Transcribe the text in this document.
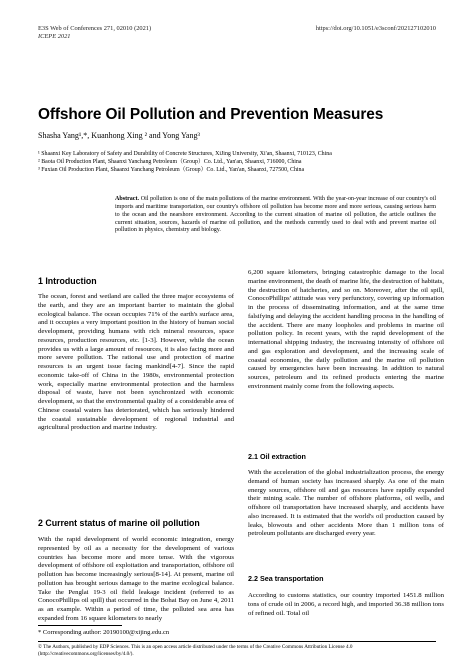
E3S Web of Conferences 271, 02010 (2021)
ICEPE 2021
https://doi.org/10.1051/e3sconf/202127102010
Offshore Oil Pollution and Prevention Measures
Shasha Yang¹,*, Kuanhong Xing ² and Yong Yang³
¹ Shaanxi Key Laboratory of Safety and Durability of Concrete Structures, XiJing University, Xi'an, Shaanxi, 710123, China
² Baota Oil Production Plant, Shaanxi Yanchang Petroleum（Group）Co. Ltd., Yan'an, Shaanxi, 716000, China
³ Fuxian Oil Production Plant, Shaanxi Yanchang Petroleum（Group）Co. Ltd., Yan'an, Shaanxi, 727500, China
Abstract. Oil pollution is one of the main pollutions of the marine environment. With the year-on-year increase of our country's oil imports and maritime transportation, our country's offshore oil pollution has become more and more serious, causing serious harm to the ocean and the nearshore environment. According to the current situation of marine oil pollution, the article outlines the current situation, sources, hazards of marine oil pollution, and the methods currently used to deal with and prevent marine oil pollution in physics, chemistry and biology.
1 Introduction
The ocean, forest and wetland are called the three major ecosystems of the earth, and they are an important barrier to maintain the global ecological balance. The ocean occupies 71% of the earth's surface area, and it occupies a very important position in the history of human social development, providing humans with rich mineral resources, space resources, production resources, etc. [1-3]. However, while the ocean provides us with a large amount of resources, it is also facing more and more severe pollution. The rational use and protection of marine resources is an urgent issue facing mankind[4-7]. Since the rapid economic take-off of China in the 1980s, environmental protection work, especially marine environmental protection and the harmless disposal of waste, have not been synchronized with economic development, so that the environmental quality of a considerable area of Chinese coastal waters has deteriorated, which has seriously hindered the coastal sustainable development of regional industrial and agricultural production and marine industry.
2 Current status of marine oil pollution
With the rapid development of world economic integration, energy represented by oil as a necessity for the development of various countries has become more and more tense. With the vigorous development of offshore oil exploitation and transportation, offshore oil pollution has become increasingly serious[8-14]. At present, marine oil pollution has brought serious damage to the marine ecological balance. Take the Penglai 19-3 oil field leakage incident (referred to as ConocoPhillips oil spill) that occurred in the Bohai Bay on June 4, 2011 as an example. Within a period of time, the polluted sea area has expanded from 16 square kilometers to nearly
6,200 square kilometers, bringing catastrophic damage to the local marine environment, the death of marine life, the destruction of habitats, the destruction of hatcheries, and so on. Moreover, after the oil spill, ConocoPhillips' attitude was very perfunctory, covering up information in the process of disseminating information, and at the same time falsifying and delaying the accident handling process in the handling of the accident. There are many loopholes and problems in marine oil pollution policy. In recent years, with the rapid development of the international shipping industry, the increasing intensity of offshore oil and gas exploration and development, and the increasing scale of coastal economies, the daily pollution and the marine oil pollution caused by emergencies have been increasing. In addition to natural sources, petroleum and its refined products entering the marine environment mainly come from the following aspects.
2.1 Oil extraction
With the acceleration of the global industrialization process, the energy demand of human society has increased sharply. As one of the main energy sources, offshore oil and gas resources have rapidly expanded their mining scale. The number of offshore platforms, oil wells, and offshore oil transportation have increased sharply, and accidents have also increased. It is estimated that the world's oil production caused by leaks, blowouts and other accidents More than 1 million tons of petroleum pollutants are discharged every year.
2.2 Sea transportation
According to customs statistics, our country imported 1451.8 million tons of crude oil in 2006, a record high, and imported 36.38 million tons of refined oil. Total oil
* Corresponding author: 20190100@xijing.edu.cn
© The Authors, published by EDP Sciences. This is an open access article distributed under the terms of the Creative Commons Attribution License 4.0 (http://creativecommons.org/licenses/by/4.0/).
